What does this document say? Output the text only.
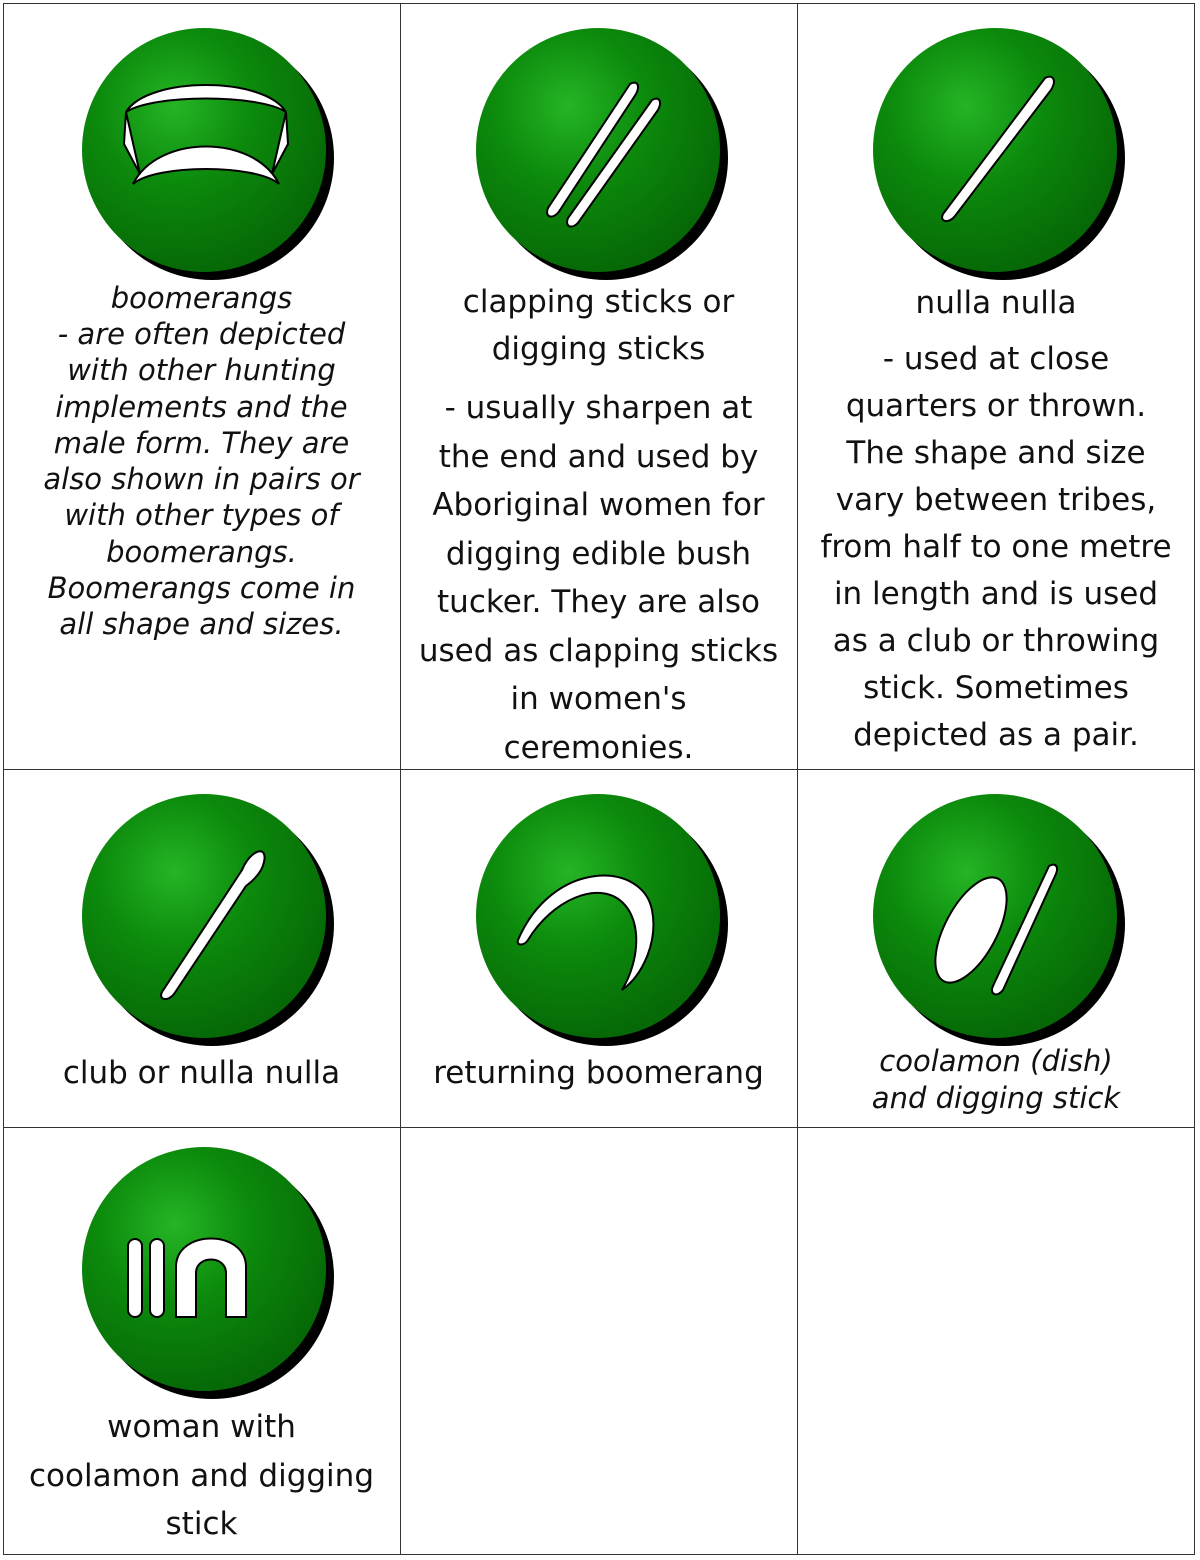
boomerangs
- are often depicted
with other hunting
implements and the
male form. They are
also shown in pairs or
with other types of
boomerangs.
Boomerangs come in
all shape and sizes.
clapping sticks or
digging sticks
- usually sharpen at
the end and used by
Aboriginal women for
digging edible bush
tucker. They are also
used as clapping sticks
in women's
ceremonies.
nulla nulla
- used at close
quarters or thrown.
The shape and size
vary between tribes,
from half to one metre
in length and is used
as a club or throwing
stick. Sometimes
depicted as a pair.
club or nulla nulla	returning boomerang	coolamon (dish)
and digging stick
woman with
coolamon and digging
stick
